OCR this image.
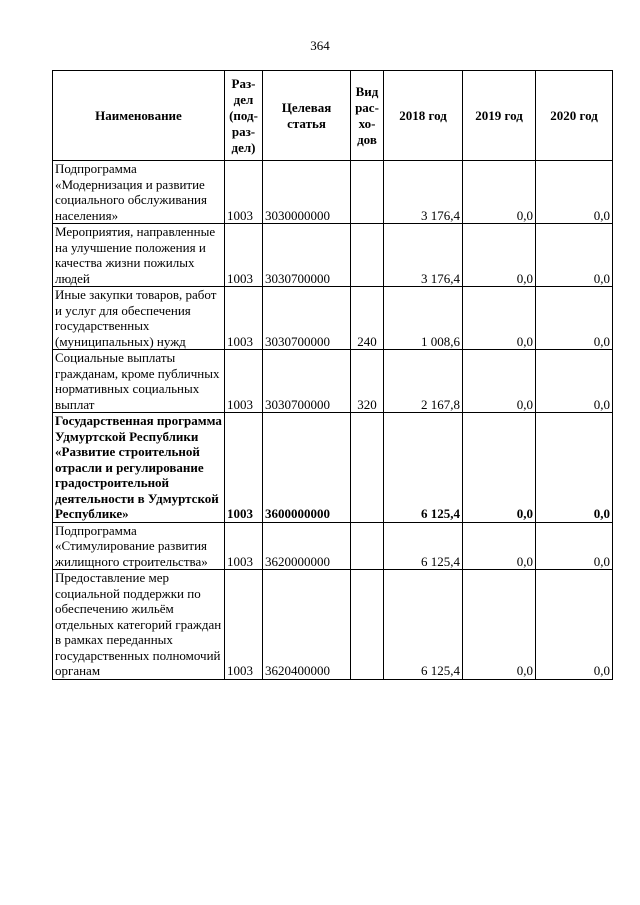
364
Наименование	Раз-дел (под-раз-дел)	Целевая статья	Вид рас-хо-дов	2018 год	2019 год	2020 год
Подпрограмма «Модернизация и развитие социального обслуживания населения»	1003	3030000000		3 176,4	0,0	0,0
Мероприятия, направленные на улучшение положения и качества жизни пожилых людей	1003	3030700000		3 176,4	0,0	0,0
Иные закупки товаров, работ и услуг для обеспечения государственных (муниципальных) нужд	1003	3030700000	240	1 008,6	0,0	0,0
Социальные выплаты гражданам, кроме публичных нормативных социальных выплат	1003	3030700000	320	2 167,8	0,0	0,0
Государственная программа Удмуртской Республики «Развитие строительной отрасли и регулирование градостроительной деятельности в Удмуртской Республике»	1003	3600000000		6 125,4	0,0	0,0
Подпрограмма «Стимулирование развития жилищного строительства»	1003	3620000000		6 125,4	0,0	0,0
Предоставление мер социальной поддержки по обеспечению жильём отдельных категорий граждан в рамках переданных государственных полномочий органам	1003	3620400000		6 125,4	0,0	0,0
